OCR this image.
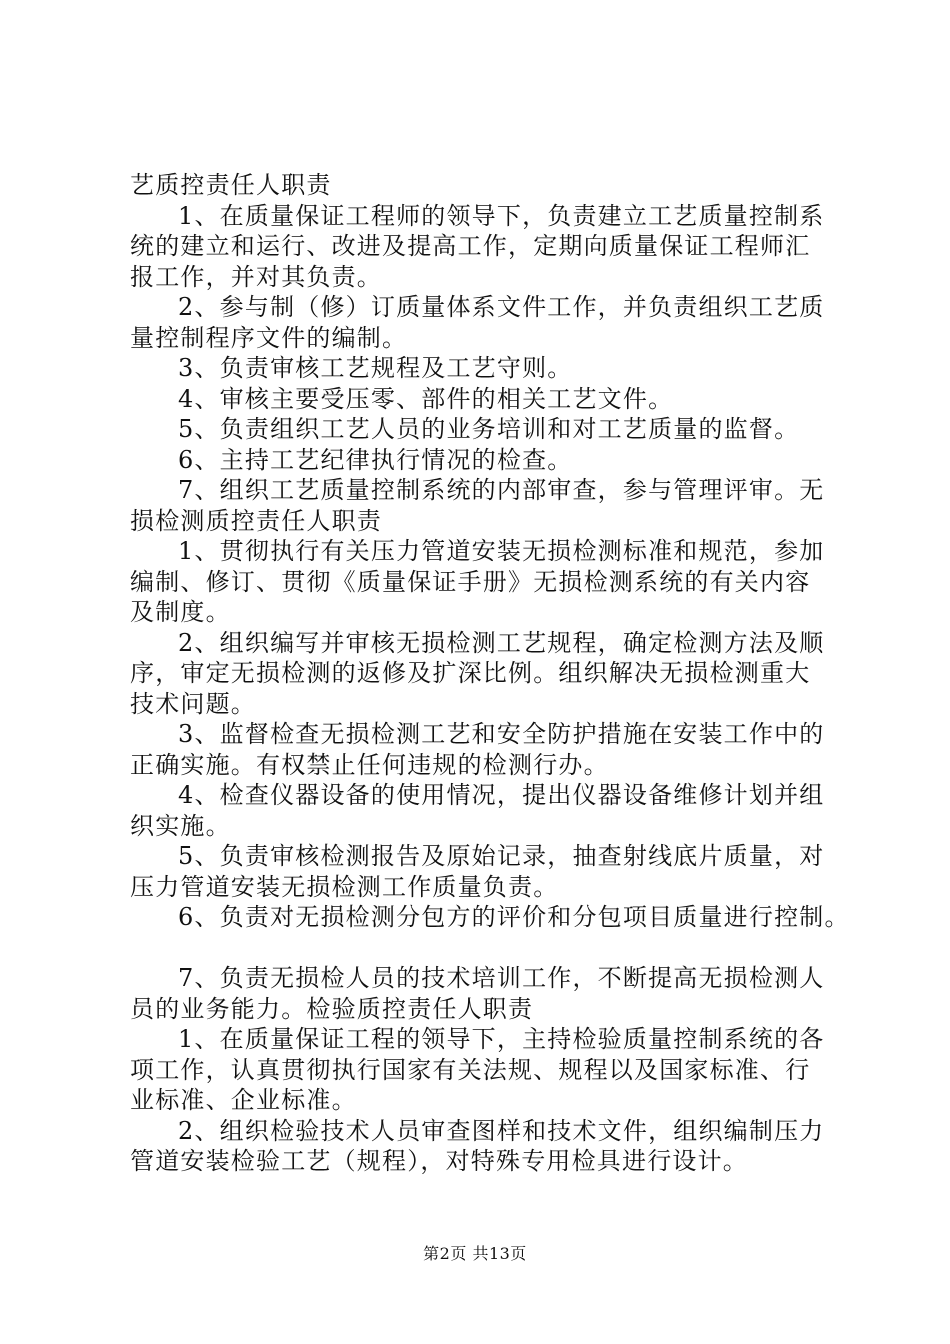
艺质控责任人职责
1、在质量保证工程师的领导下，负责建立工艺质量控制系
统的建立和运行、改进及提高工作，定期向质量保证工程师汇
报工作，并对其负责。
2、参与制（修）订质量体系文件工作，并负责组织工艺质
量控制程序文件的编制。
3、负责审核工艺规程及工艺守则。
4、审核主要受压零、部件的相关工艺文件。
5、负责组织工艺人员的业务培训和对工艺质量的监督。
6、主持工艺纪律执行情况的检查。
7、组织工艺质量控制系统的内部审查，参与管理评审。无
损检测质控责任人职责
1、贯彻执行有关压力管道安装无损检测标准和规范，参加
编制、修订、贯彻《质量保证手册》无损检测系统的有关内容
及制度。
2、组织编写并审核无损检测工艺规程，确定检测方法及顺
序，审定无损检测的返修及扩深比例。组织解决无损检测重大
技术问题。
3、监督检查无损检测工艺和安全防护措施在安装工作中的
正确实施。有权禁止任何违规的检测行办。
4、检查仪器设备的使用情况，提出仪器设备维修计划并组
织实施。
5、负责审核检测报告及原始记录，抽查射线底片质量，对
压力管道安装无损检测工作质量负责。
6、负责对无损检测分包方的评价和分包项目质量进行控制。
7、负责无损检人员的技术培训工作，不断提高无损检测人
员的业务能力。检验质控责任人职责
1、在质量保证工程的领导下，主持检验质量控制系统的各
项工作，认真贯彻执行国家有关法规、规程以及国家标准、行
业标准、企业标准。
2、组织检验技术人员审查图样和技术文件，组织编制压力
管道安装检验工艺（规程），对特殊专用检具进行设计。
第2页 共13页
